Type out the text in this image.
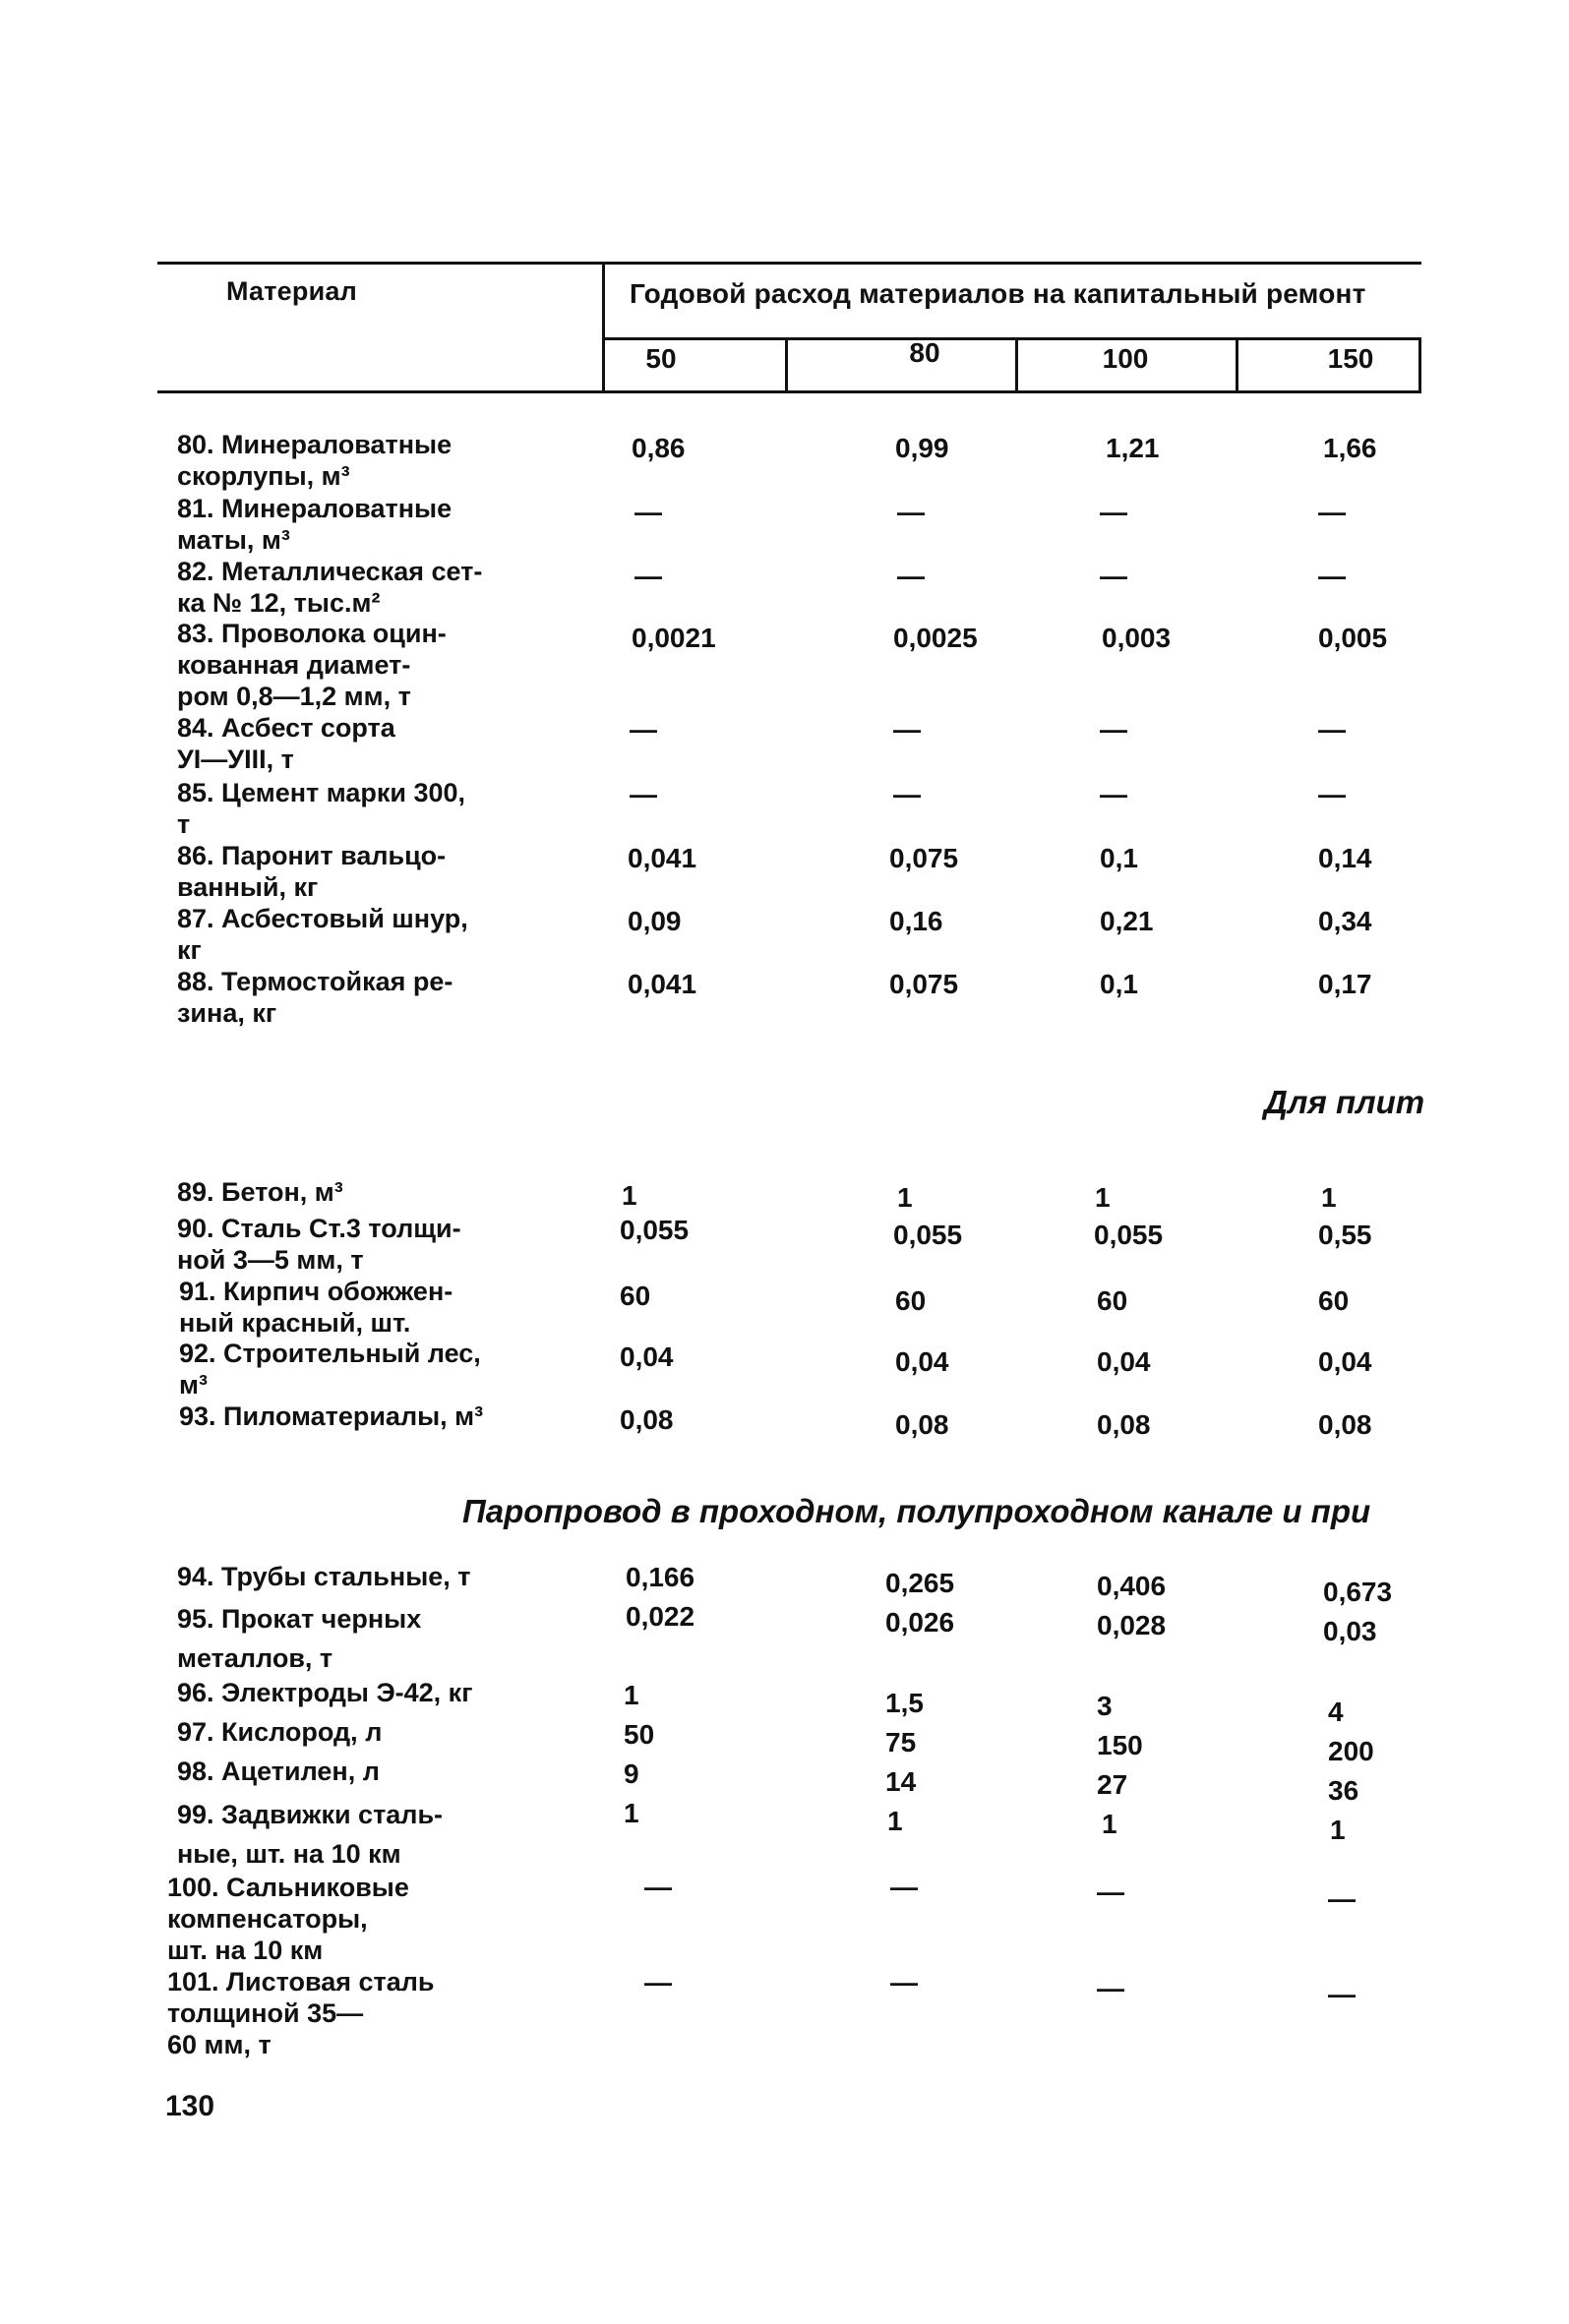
Материал	Годовой расход материалов на капитальный ремонт
50	80	100	150
80. Минераловатные
скорлупы, м³
0,86	0,99	1,21	1,66
81. Минераловатные
маты, м³
—	—	—	—
82. Металлическая сет-
ка № 12, тыс.м²
—	—	—	—
83. Проволока оцин-
кованная диамет-
ром 0,8—1,2 мм, т
0,0021	0,0025	0,003	0,005
84. Асбест сорта
УI—УIII, т
—	—	—	—
85. Цемент марки 300,
т
—	—	—	—
86. Паронит вальцо-
ванный, кг
0,041	0,075	0,1	0,14
87. Асбестовый шнур,
кг
0,09	0,16	0,21	0,34
88. Термостойкая ре-
зина, кг
0,041	0,075	0,1	0,17
Для плит
89. Бетон, м³	1	1	1	1
90. Сталь Ст.3 толщи-
ной 3—5 мм, т
0,055	0,055	0,055	0,55
91. Кирпич обожжен-
ный красный, шт.
60	60	60	60
92. Строительный лес,
м³
0,04	0,04	0,04	0,04
93. Пиломатериалы, м³	0,08	0,08	0,08	0,08
Паропровод в проходном, полупроходном канале и при
94. Трубы стальные, т	0,166	0,265	0,406	0,673
95. Прокат черных
металлов, т
0,022	0,026	0,028	0,03
96. Электроды Э-42, кг	1	1,5	3	4
97. Кислород, л	50	75	150	200
98. Ацетилен, л	9	14	27	36
99. Задвижки сталь-
ные, шт. на 10 км
1	1	1	1
100. Сальниковые
компенсаторы,
шт. на 10 км
—	—	—	—
101. Листовая сталь
толщиной 35—
60 мм, т
—	—	—	—
130
